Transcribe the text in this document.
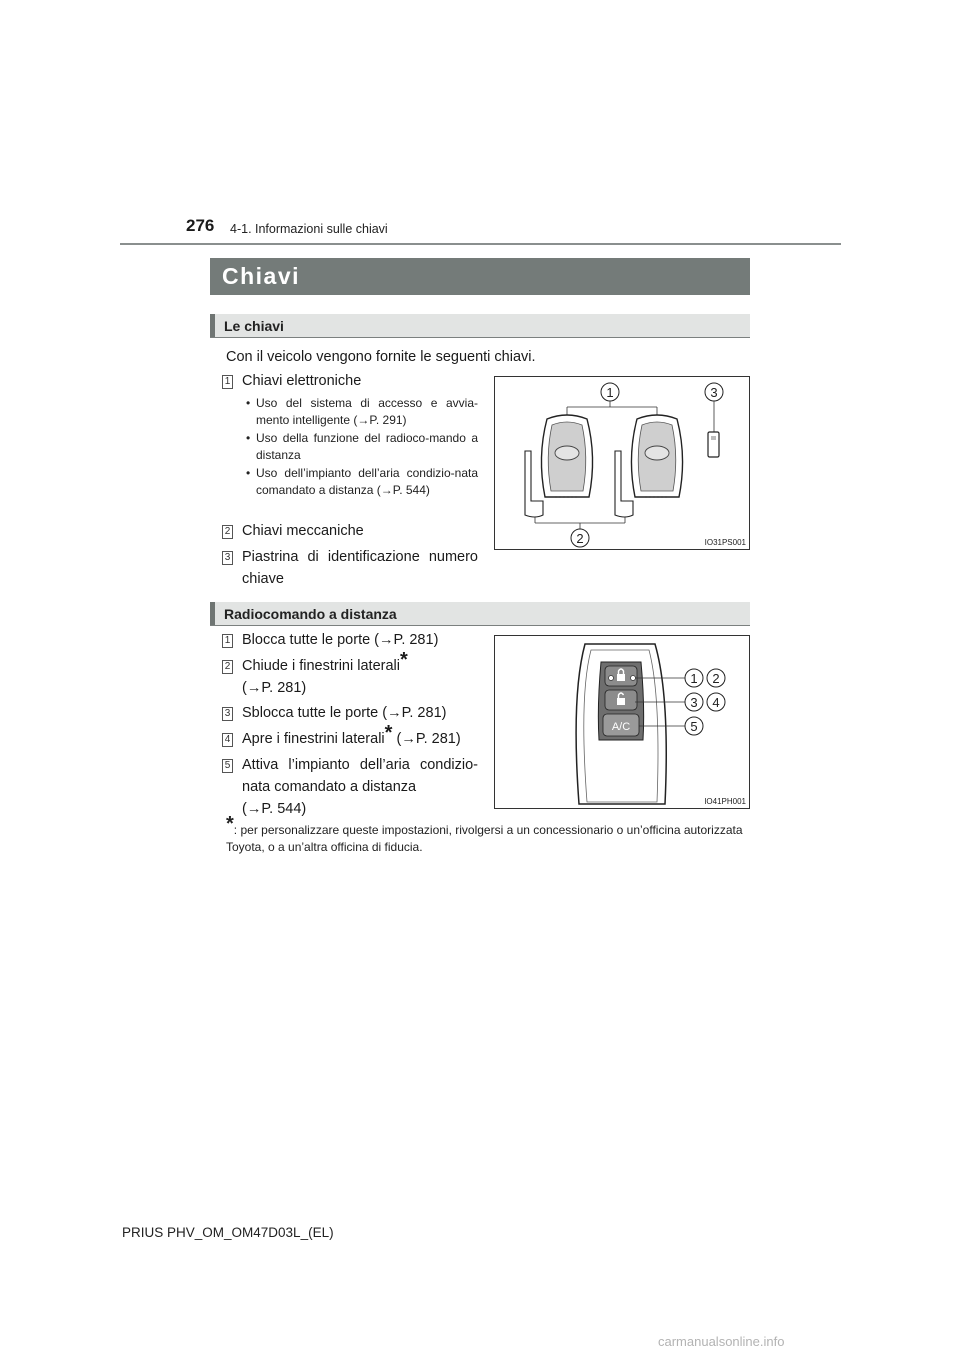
276 4-1. Informazioni sulle chiavi
Chiavi
Le chiavi
Con il veicolo vengono fornite le seguenti chiavi.
1 Chiavi elettroniche
• Uso del sistema di accesso e avvia-mento intelligente (→P. 291)
• Uso della funzione del radioco-mando a distanza
• Uso dell’impianto dell’aria condizio-nata comandato a distanza (→P. 544)
2 Chiavi meccaniche
3 Piastrina di identificazione numero chiave
1	3
2	IO31PS001
Radiocomando a distanza
1 Blocca tutte le porte (→P. 281)
2 Chiude i finestrini laterali*
(→P. 281)
3 Sblocca tutte le porte (→P. 281)
4 Apre i finestrini laterali* (→P. 281)
5 Attiva l’impianto dell’aria condizio-nata comandato a distanza
(→P. 544)
A/C
1 2
3 4
5
IO41PH001
*: per personalizzare queste impostazioni, rivolgersi a un concessionario o un’officina autorizzata Toyota, o a un’altra officina di fiducia.
PRIUS PHV_OM_OM47D03L_(EL)
carmanualsonline.info
